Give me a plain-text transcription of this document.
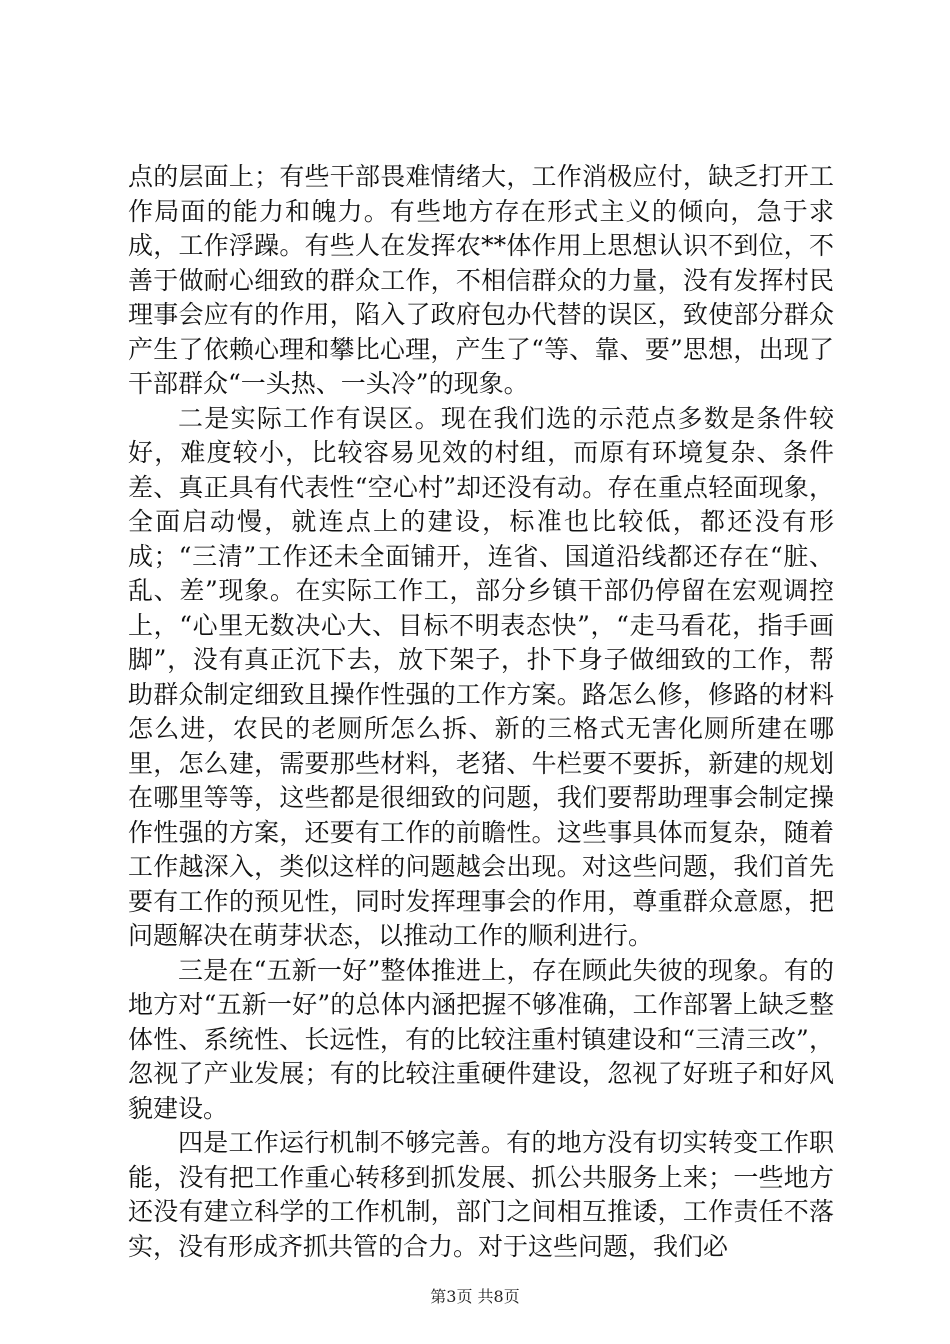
点的层面上；有些干部畏难情绪大，工作消极应付，缺乏打开工作局面的能力和魄力。有些地方存在形式主义的倾向，急于求成，工作浮躁。有些人在发挥农**体作用上思想认识不到位，不善于做耐心细致的群众工作，不相信群众的力量，没有发挥村民理事会应有的作用，陷入了政府包办代替的误区，致使部分群众产生了依赖心理和攀比心理，产生了“等、靠、要”思想，出现了干部群众“一头热、一头冷”的现象。

二是实际工作有误区。现在我们选的示范点多数是条件较好，难度较小，比较容易见效的村组，而原有环境复杂、条件差、真正具有代表性“空心村”却还没有动。存在重点轻面现象，全面启动慢，就连点上的建设，标准也比较低，都还没有形成；“三清”工作还未全面铺开，连省、国道沿线都还存在“脏、乱、差”现象。在实际工作工，部分乡镇干部仍停留在宏观调控上，“心里无数决心大、目标不明表态快”，“走马看花，指手画脚”，没有真正沉下去，放下架子，扑下身子做细致的工作，帮助群众制定细致且操作性强的工作方案。路怎么修，修路的材料怎么进，农民的老厕所怎么拆、新的三格式无害化厕所建在哪里，怎么建，需要那些材料，老猪、牛栏要不要拆，新建的规划在哪里等等，这些都是很细致的问题，我们要帮助理事会制定操作性强的方案，还要有工作的前瞻性。这些事具体而复杂，随着工作越深入，类似这样的问题越会出现。对这些问题，我们首先要有工作的预见性，同时发挥理事会的作用，尊重群众意愿，把问题解决在萌芽状态，以推动工作的顺利进行。

三是在“五新一好”整体推进上，存在顾此失彼的现象。有的地方对“五新一好”的总体内涵把握不够准确，工作部署上缺乏整体性、系统性、长远性，有的比较注重村镇建设和“三清三改”，忽视了产业发展；有的比较注重硬件建设，忽视了好班子和好风貌建设。

四是工作运行机制不够完善。有的地方没有切实转变工作职能，没有把工作重心转移到抓发展、抓公共服务上来；一些地方还没有建立科学的工作机制，部门之间相互推诿，工作责任不落实，没有形成齐抓共管的合力。对于这些问题，我们必

第3页 共8页
